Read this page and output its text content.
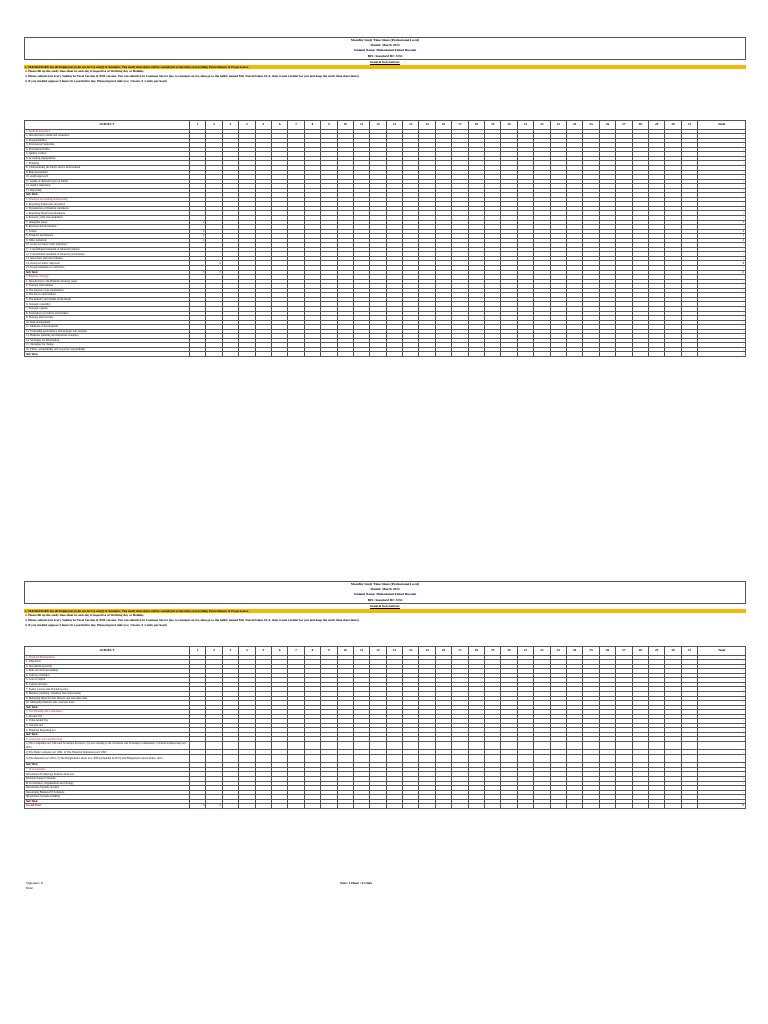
Monthly Study Time Sheet (Professional Level)
Month: March 2024
Student Name: Mohammed Fahad Hossain
BFC Standard ID: 3332
General Instructions:
1. MANDATORY for all Employees (who are in CA study) & Students. The study time sheet will be considered at the time of providing Exam Fitness & Exam Leave.
2. Please fill up the study time sheet in such day irrespective of Working day or Holiday.
3. Please submit it in every Sunday in Excel Version & PDF version. You can submit it in Common Server (Go to common server, then go to the folder named Md. Nazrul Islam ACA, then create a folder for you and keep the study time sheet there)
4. If you studied suppose 3 hours in a particular day, Please input 6 units (i.e. 3 hours X 2 units per hour)
SUBJECT	1	2	3	4	5	6	7	8	9	10	11	12	13	14	15	16	17	18	19	20	21	22	23	24	25	26	27	28	29	30	31	Total
1. Audit & Assurance																																
1. Introduction to Audit and Assurance																																-
2. Responsibilities																																-
3. Professional Standards																																-
4. Professional Ethics																																-
5. Quality Control																																-
6. Accepting engagements																																-
7. Planning																																-
8. Understanding the Entity and its Environment																																-
9. Risk Assessment																																-
10. Audit Approach																																-
11. Audits of different types of Entity																																-
12. Audit Completion																																-
13. Reporting																																-
Sub Total																																-
2. Financial Accounting & Reporting																																
1. Reporting framework and ethics																																-
2. Presentation of financial statements																																-
3. Reporting financial performance																																-
4. Property, plant and equipment																																-
5. Intangible assets	2																															2
6. Revenue and inventories																																-
7. Leases	2																															2
8. Financial instruments	2																															2
9. Other standards	2																															2
10. Group accounts: basic principles																																-
11. Consolidated statement of financial position																																-
12. Consolidated statement of financial performance																																-
13. Associates and joint ventures																																-
14. Group accounts: disposals		8																														8
15. Group statement of cash flows																																-
Sub Total	8	8																														16
3. Business Strategy																																
1. Introduction to the Business Strategy paper																																-
2. Strategy and business																																-
3. The purpose of an organisation																																-
4. The macro environment																																-
5. The industry and market environment																																-
6. Strategic capability																																-
7. Strategic options																																-
8. Strategies for products and markets																																-
9. Strategy and structure																																-
10. Risk management																																-
11. Methods of development																																-
12. Evaluating performance and strategic data analysis																																-
13. Business planning and functional strategies																																-
14. Strategies for information																																-
15. Strategies for change																																-
16. Ethics, sustainability and corporate responsibility																																-
Sub Total																																-
Monthly Study Time Sheet (Professional Level)
Month: March 2024
Student Name: Mohammed Fahad Hossain
BFC Standard ID: 3332
General Instructions:
1. MANDATORY for all Employees (who are in CA study) & Students. The study time sheet will be considered at the time of providing Exam Fitness & Exam Leave.
2. Please fill up the study time sheet in such day irrespective of Working day or Holiday.
3. Please submit it in every Sunday in Excel Version & PDF version. You can submit it in Common Server (Go to common server, then go to the folder named Md. Nazrul Islam ACA, then create a folder for you and keep the study time sheet there)
4. If you studied suppose 3 hours in a particular day, Please input 6 units (i.e. 3 hours X 2 units per hour)
SUBJECT	1	2	3	4	5	6	7	8	9	10	11	12	13	14	15	16	17	18	19	20	21	22	23	24	25	26	27	28	29	30	31	Total
4. Financial Management																																
1. Objectives																																-
2. Investment appraisal																																-
3. Risk and decision-making																																-
4. Sources of finance																																-
5. Cost of capital																																-
6. Capital structure																																-
7. Equity sources and dividend policy																																-
8. Business planning, valuation and restructuring																																-
9. Managing financial risk: interest rate and other risks																																-
10. Managing financial risk: overseas trade																																-
Sub Total																																-
5. Tax Planning and Compliance																																
1. Income Tax																																-
2. Value Added Tax																																-
3. Customs Act																																-
4. Financial Reporting Act																																-
Sub Total																																-
6. Corporate Laws and Practices																																
1) The Companies Act 1994 and Securities Practices; 2) Laws relating to the Securities and Exchange Commission; 3) Financial Reporting Act 2015																																-
2) The Bank Company Act 1991; 2) The Financial Institutions Act 1993																																-
3) The Insurance Act 2010; 2) The Bangladesh Labour Act, 2006 (Amended in 2013) and Bangladesh Labour Rules, 2015																																-
Sub Total																																-
7. IT Governance																																
Information Technology Policies and Laws																																-
Decision Support Systems																																-
IT Governance, Organization and Strategy																																-
Information Systems Security																																-
Developing Business/IT Solutions																																-
Information Systems Auditing																																-
Sub Total																																-
Grand Total	8	8																														16
Signature: X
Date:
Note: 1 Hour =2 Units
